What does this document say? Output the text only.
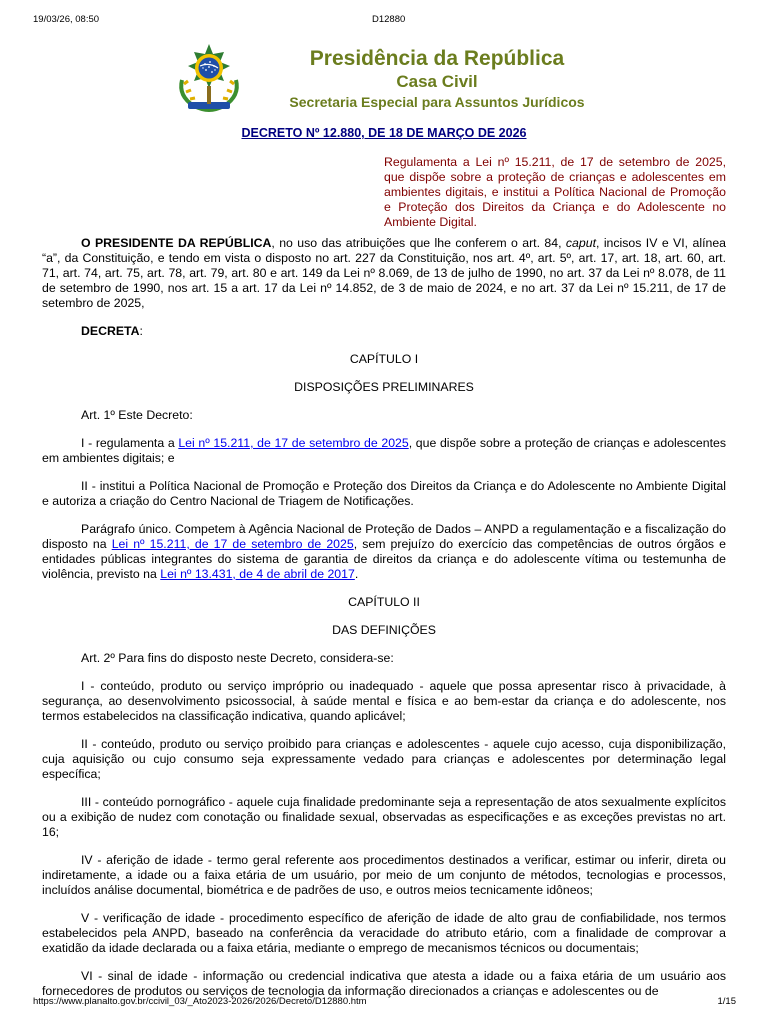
19/03/26, 08:50	D12880
Presidência da República
Casa Civil
Secretaria Especial para Assuntos Jurídicos
DECRETO Nº 12.880, DE 18 DE MARÇO DE 2026
Regulamenta a Lei nº 15.211, de 17 de setembro de 2025, que dispõe sobre a proteção de crianças e adolescentes em ambientes digitais, e institui a Política Nacional de Promoção e Proteção dos Direitos da Criança e do Adolescente no Ambiente Digital.

O PRESIDENTE DA REPÚBLICA, no uso das atribuições que lhe conferem o art. 84, caput, incisos IV e VI, alínea “a”, da Constituição, e tendo em vista o disposto no art. 227 da Constituição, nos art. 4º, art. 5º, art. 17, art. 18, art. 60, art. 71, art. 74, art. 75, art. 78, art. 79, art. 80 e art. 149 da Lei nº 8.069, de 13 de julho de 1990, no art. 37 da Lei nº 8.078, de 11 de setembro de 1990, nos art. 15 a art. 17 da Lei nº 14.852, de 3 de maio de 2024, e no art. 37 da Lei nº 15.211, de 17 de setembro de 2025,

DECRETA:

CAPÍTULO I

DISPOSIÇÕES PRELIMINARES

Art. 1º Este Decreto:

I - regulamenta a Lei nº 15.211, de 17 de setembro de 2025, que dispõe sobre a proteção de crianças e adolescentes em ambientes digitais; e

II - institui a Política Nacional de Promoção e Proteção dos Direitos da Criança e do Adolescente no Ambiente Digital e autoriza a criação do Centro Nacional de Triagem de Notificações.

Parágrafo único. Competem à Agência Nacional de Proteção de Dados – ANPD a regulamentação e a fiscalização do disposto na Lei nº 15.211, de 17 de setembro de 2025, sem prejuízo do exercício das competências de outros órgãos e entidades públicas integrantes do sistema de garantia de direitos da criança e do adolescente vítima ou testemunha de violência, previsto na Lei nº 13.431, de 4 de abril de 2017.

CAPÍTULO II

DAS DEFINIÇÕES

Art. 2º Para fins do disposto neste Decreto, considera-se:

I - conteúdo, produto ou serviço impróprio ou inadequado - aquele que possa apresentar risco à privacidade, à segurança, ao desenvolvimento psicossocial, à saúde mental e física e ao bem-estar da criança e do adolescente, nos termos estabelecidos na classificação indicativa, quando aplicável;

II - conteúdo, produto ou serviço proibido para crianças e adolescentes - aquele cujo acesso, cuja disponibilização, cuja aquisição ou cujo consumo seja expressamente vedado para crianças e adolescentes por determinação legal específica;

III - conteúdo pornográfico - aquele cuja finalidade predominante seja a representação de atos sexualmente explícitos ou a exibição de nudez com conotação ou finalidade sexual, observadas as especificações e as exceções previstas no art. 16;

IV - aferição de idade - termo geral referente aos procedimentos destinados a verificar, estimar ou inferir, direta ou indiretamente, a idade ou a faixa etária de um usuário, por meio de um conjunto de métodos, tecnologias e processos, incluídos análise documental, biométrica e de padrões de uso, e outros meios tecnicamente idôneos;

V - verificação de idade - procedimento específico de aferição de idade de alto grau de confiabilidade, nos termos estabelecidos pela ANPD, baseado na conferência da veracidade do atributo etário, com a finalidade de comprovar a exatidão da idade declarada ou a faixa etária, mediante o emprego de mecanismos técnicos ou documentais;

VI - sinal de idade - informação ou credencial indicativa que atesta a idade ou a faixa etária de um usuário aos fornecedores de produtos ou serviços de tecnologia da informação direcionados a crianças e adolescentes ou de

https://www.planalto.gov.br/ccivil_03/_Ato2023-2026/2026/Decreto/D12880.htm	1/15
